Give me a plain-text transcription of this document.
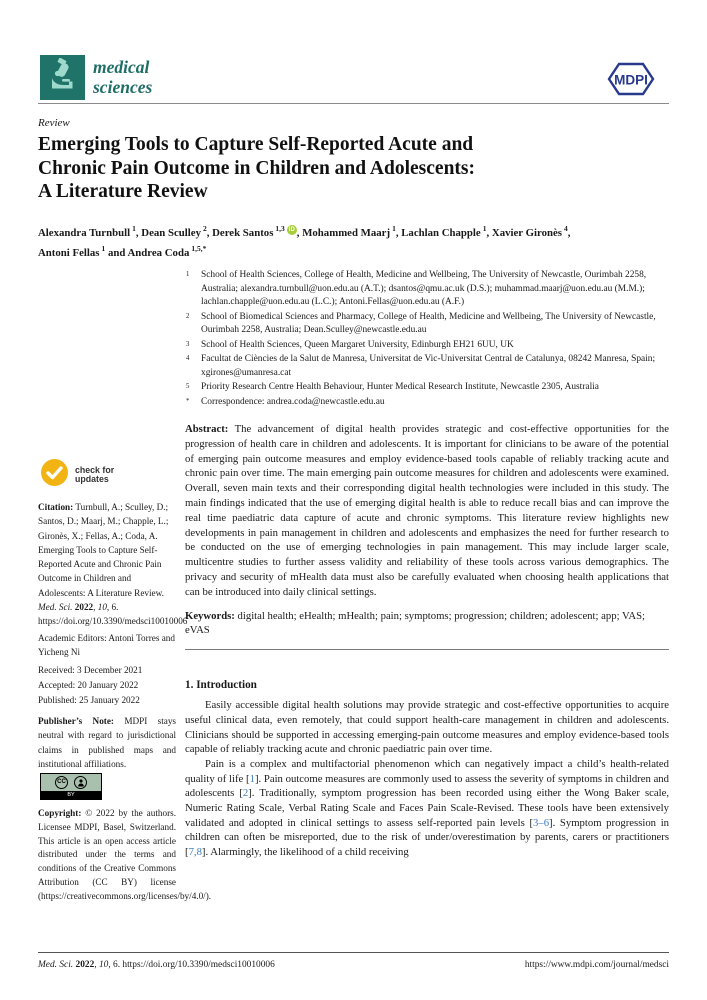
medical
sciences	MDPI
Review
Emerging Tools to Capture Self-Reported Acute and
Chronic Pain Outcome in Children and Adolescents:
A Literature Review
Alexandra Turnbull $^1$, Dean Sculley $^2$, Derek Santos $^{1,3}$ iD , Mohammed Maarj $^1$, Lachlan Chapple $^1$, Xavier Gironès $^4$,
Antoni Fellas $^1$ and Andrea Coda $^{1,5,*}$
1 School of Health Sciences, College of Health, Medicine and Wellbeing, The University of Newcastle, Ourimbah 2258, Australia; alexandra.turnbull@uon.edu.au (A.T.); dsantos@qmu.ac.uk (D.S.); muhammad.maarj@uon.edu.au (M.M.); lachlan.chapple@uon.edu.au (L.C.); Antoni.Fellas@uon.edu.au (A.F.)
2 School of Biomedical Sciences and Pharmacy, College of Health, Medicine and Wellbeing, The University of Newcastle, Ourimbah 2258, Australia; Dean.Sculley@newcastle.edu.au
3 School of Health Sciences, Queen Margaret University, Edinburgh EH21 6UU, UK
4 Facultat de Ciències de la Salut de Manresa, Universitat de Vic-Universitat Central de Catalunya, 08242 Manresa, Spain; xgirones@umanresa.cat
5 Priority Research Centre Health Behaviour, Hunter Medical Research Institute, Newcastle 2305, Australia
* Correspondence: andrea.coda@newcastle.edu.au

Abstract: The advancement of digital health provides strategic and cost-effective opportunities for the progression of health care in children and adolescents. It is important for clinicians to be aware of the potential of emerging pain outcome measures and employ evidence-based tools capable of reliably tracking acute and chronic pain over time. The main emerging pain outcome measures for children and adolescents were examined. Overall, seven main texts and their corresponding digital health technologies were included in this study. The main findings indicated that the use of emerging digital health is able to reduce recall bias and can improve the real time paediatric data capture of acute and chronic symptoms. This literature review highlights new developments in pain management in children and adolescents and emphasizes the need for further research to be conducted on the use of emerging technologies in pain management. This may include larger scale, multicentre studies to further assess validity and reliability of these tools across various demographics. The privacy and security of mHealth data must also be carefully evaluated when choosing health applications that can be introduced into daily clinical settings.

Keywords: digital health; eHealth; mHealth; pain; symptoms; progression; children; adolescent; app; VAS; eVAS

1. Introduction

Easily accessible digital health solutions may provide strategic and cost-effective opportunities to acquire useful clinical data, even remotely, that could support health-care management in children and adolescents. Clinicians should be supported in accessing emerging-pain outcome measures and employ evidence-based tools capable of reliably tracking acute and chronic paediatric pain over time.

Pain is a complex and multifactorial phenomenon which can negatively impact a child’s health-related quality of life [1]. Pain outcome measures are commonly used to assess the severity of symptoms in children and adolescents [2]. Traditionally, symptom progression has been recorded using either the Wong Baker scale, Numeric Rating Scale, Verbal Rating Scale and Faces Pain Scale-Revised. These tools have been extensively validated and adopted in clinical settings to assess self-reported pain levels [3–6]. Symptom progression in children can often be misreported, due to the risk of under/overestimation by parents, carers or practitioners [7,8]. Alarmingly, the likelihood of a child receiving

check for
updates

Citation: Turnbull, A.; Sculley, D.; Santos, D.; Maarj, M.; Chapple, L.; Gironès, X.; Fellas, A.; Coda, A. Emerging Tools to Capture Self-Reported Acute and Chronic Pain Outcome in Children and Adolescents: A Literature Review. Med. Sci. 2022, 10, 6. https://doi.org/10.3390/medsci10010006

Academic Editors: Antoni Torres and Yicheng Ni

Received: 3 December 2021
Accepted: 20 January 2022
Published: 25 January 2022

Publisher’s Note: MDPI stays neutral with regard to jurisdictional claims in published maps and institutional affiliations.

CC
BY

Copyright: © 2022 by the authors. Licensee MDPI, Basel, Switzerland. This article is an open access article distributed under the terms and conditions of the Creative Commons Attribution (CC BY) license (https://creativecommons.org/licenses/by/4.0/).

Med. Sci. 2022, 10, 6. https://doi.org/10.3390/medsci10010006	https://www.mdpi.com/journal/medsci
